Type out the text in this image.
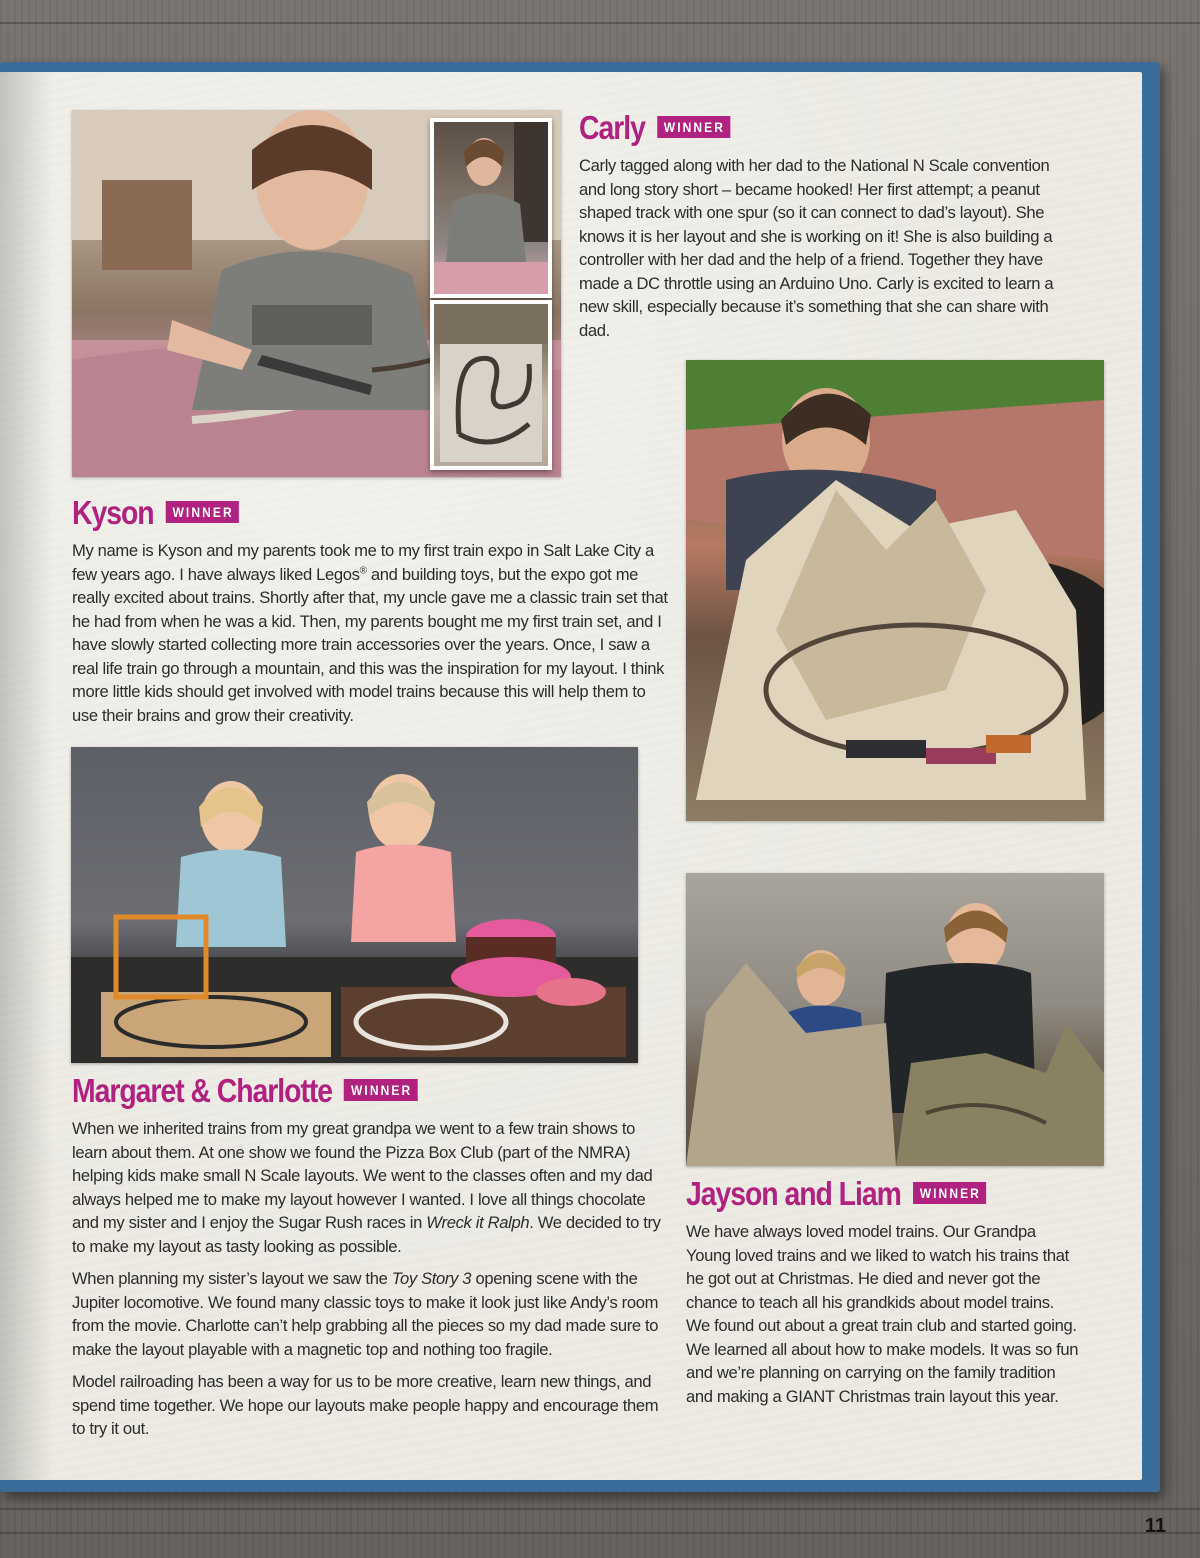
Carly WINNER

Carly tagged along with her dad to the National N Scale convention and long story short – became hooked! Her first attempt; a peanut shaped track with one spur (so it can connect to dad’s layout). She knows it is her layout and she is working on it! She is also building a controller with her dad and the help of a friend. Together they have made a DC throttle using an Arduino Uno. Carly is excited to learn a new skill, especially because it’s something that she can share with dad.

Kyson WINNER

My name is Kyson and my parents took me to my first train expo in Salt Lake City a few years ago. I have always liked Legos® and building toys, but the expo got me really excited about trains. Shortly after that, my uncle gave me a classic train set that he had from when he was a kid. Then, my parents bought me my first train set, and I have slowly started collecting more train accessories over the years. Once, I saw a real life train go through a mountain, and this was the inspiration for my layout. I think more little kids should get involved with model trains because this will help them to use their brains and grow their creativity.

Margaret & Charlotte WINNER

When we inherited trains from my great grandpa we went to a few train shows to learn about them. At one show we found the Pizza Box Club (part of the NMRA) helping kids make small N Scale layouts. We went to the classes often and my dad always helped me to make my layout however I wanted. I love all things chocolate and my sister and I enjoy the Sugar Rush races in Wreck it Ralph. We decided to try to make my layout as tasty looking as possible.

When planning my sister’s layout we saw the Toy Story 3 opening scene with the Jupiter locomotive. We found many classic toys to make it look just like Andy’s room from the movie. Charlotte can’t help grabbing all the pieces so my dad made sure to make the layout playable with a magnetic top and nothing too fragile.

Model railroading has been a way for us to be more creative, learn new things, and spend time together. We hope our layouts make people happy and encourage them to try it out.

Jayson and Liam WINNER

We have always loved model trains. Our Grandpa Young loved trains and we liked to watch his trains that he got out at Christmas. He died and never got the chance to teach all his grandkids about model trains. We found out about a great train club and started going. We learned all about how to make models. It was so fun and we’re planning on carrying on the family tradition and making a GIANT Christmas train layout this year.

11
